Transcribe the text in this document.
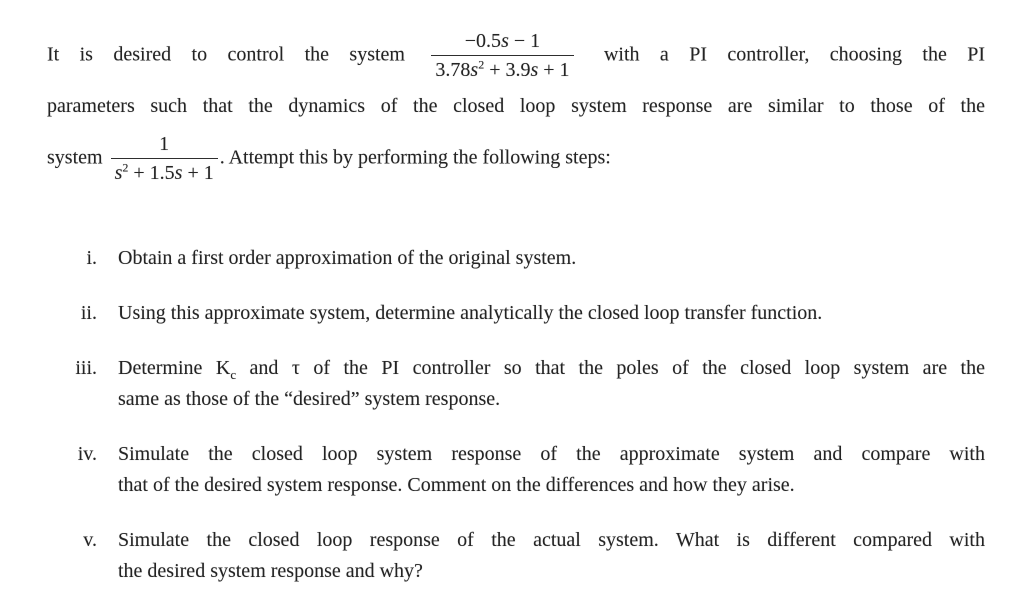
It is desired to control the system $\frac{-0.5s - 1}{3.78s^2 + 3.9s + 1}$ with a PI controller, choosing the PI
parameters such that the dynamics of the closed loop system response are similar to those of the
system $\frac{1}{s^2 + 1.5s + 1}$ . Attempt this by performing the following steps:
i. Obtain a first order approximation of the original system.
ii. Using this approximate system, determine analytically the closed loop transfer function.
iii. Determine $K_c$ and τ of the PI controller so that the poles of the closed loop system are the
same as those of the “desired” system response.
iv. Simulate the closed loop system response of the approximate system and compare with
that of the desired system response. Comment on the differences and how they arise.
v. Simulate the closed loop response of the actual system. What is different compared with
the desired system response and why?
